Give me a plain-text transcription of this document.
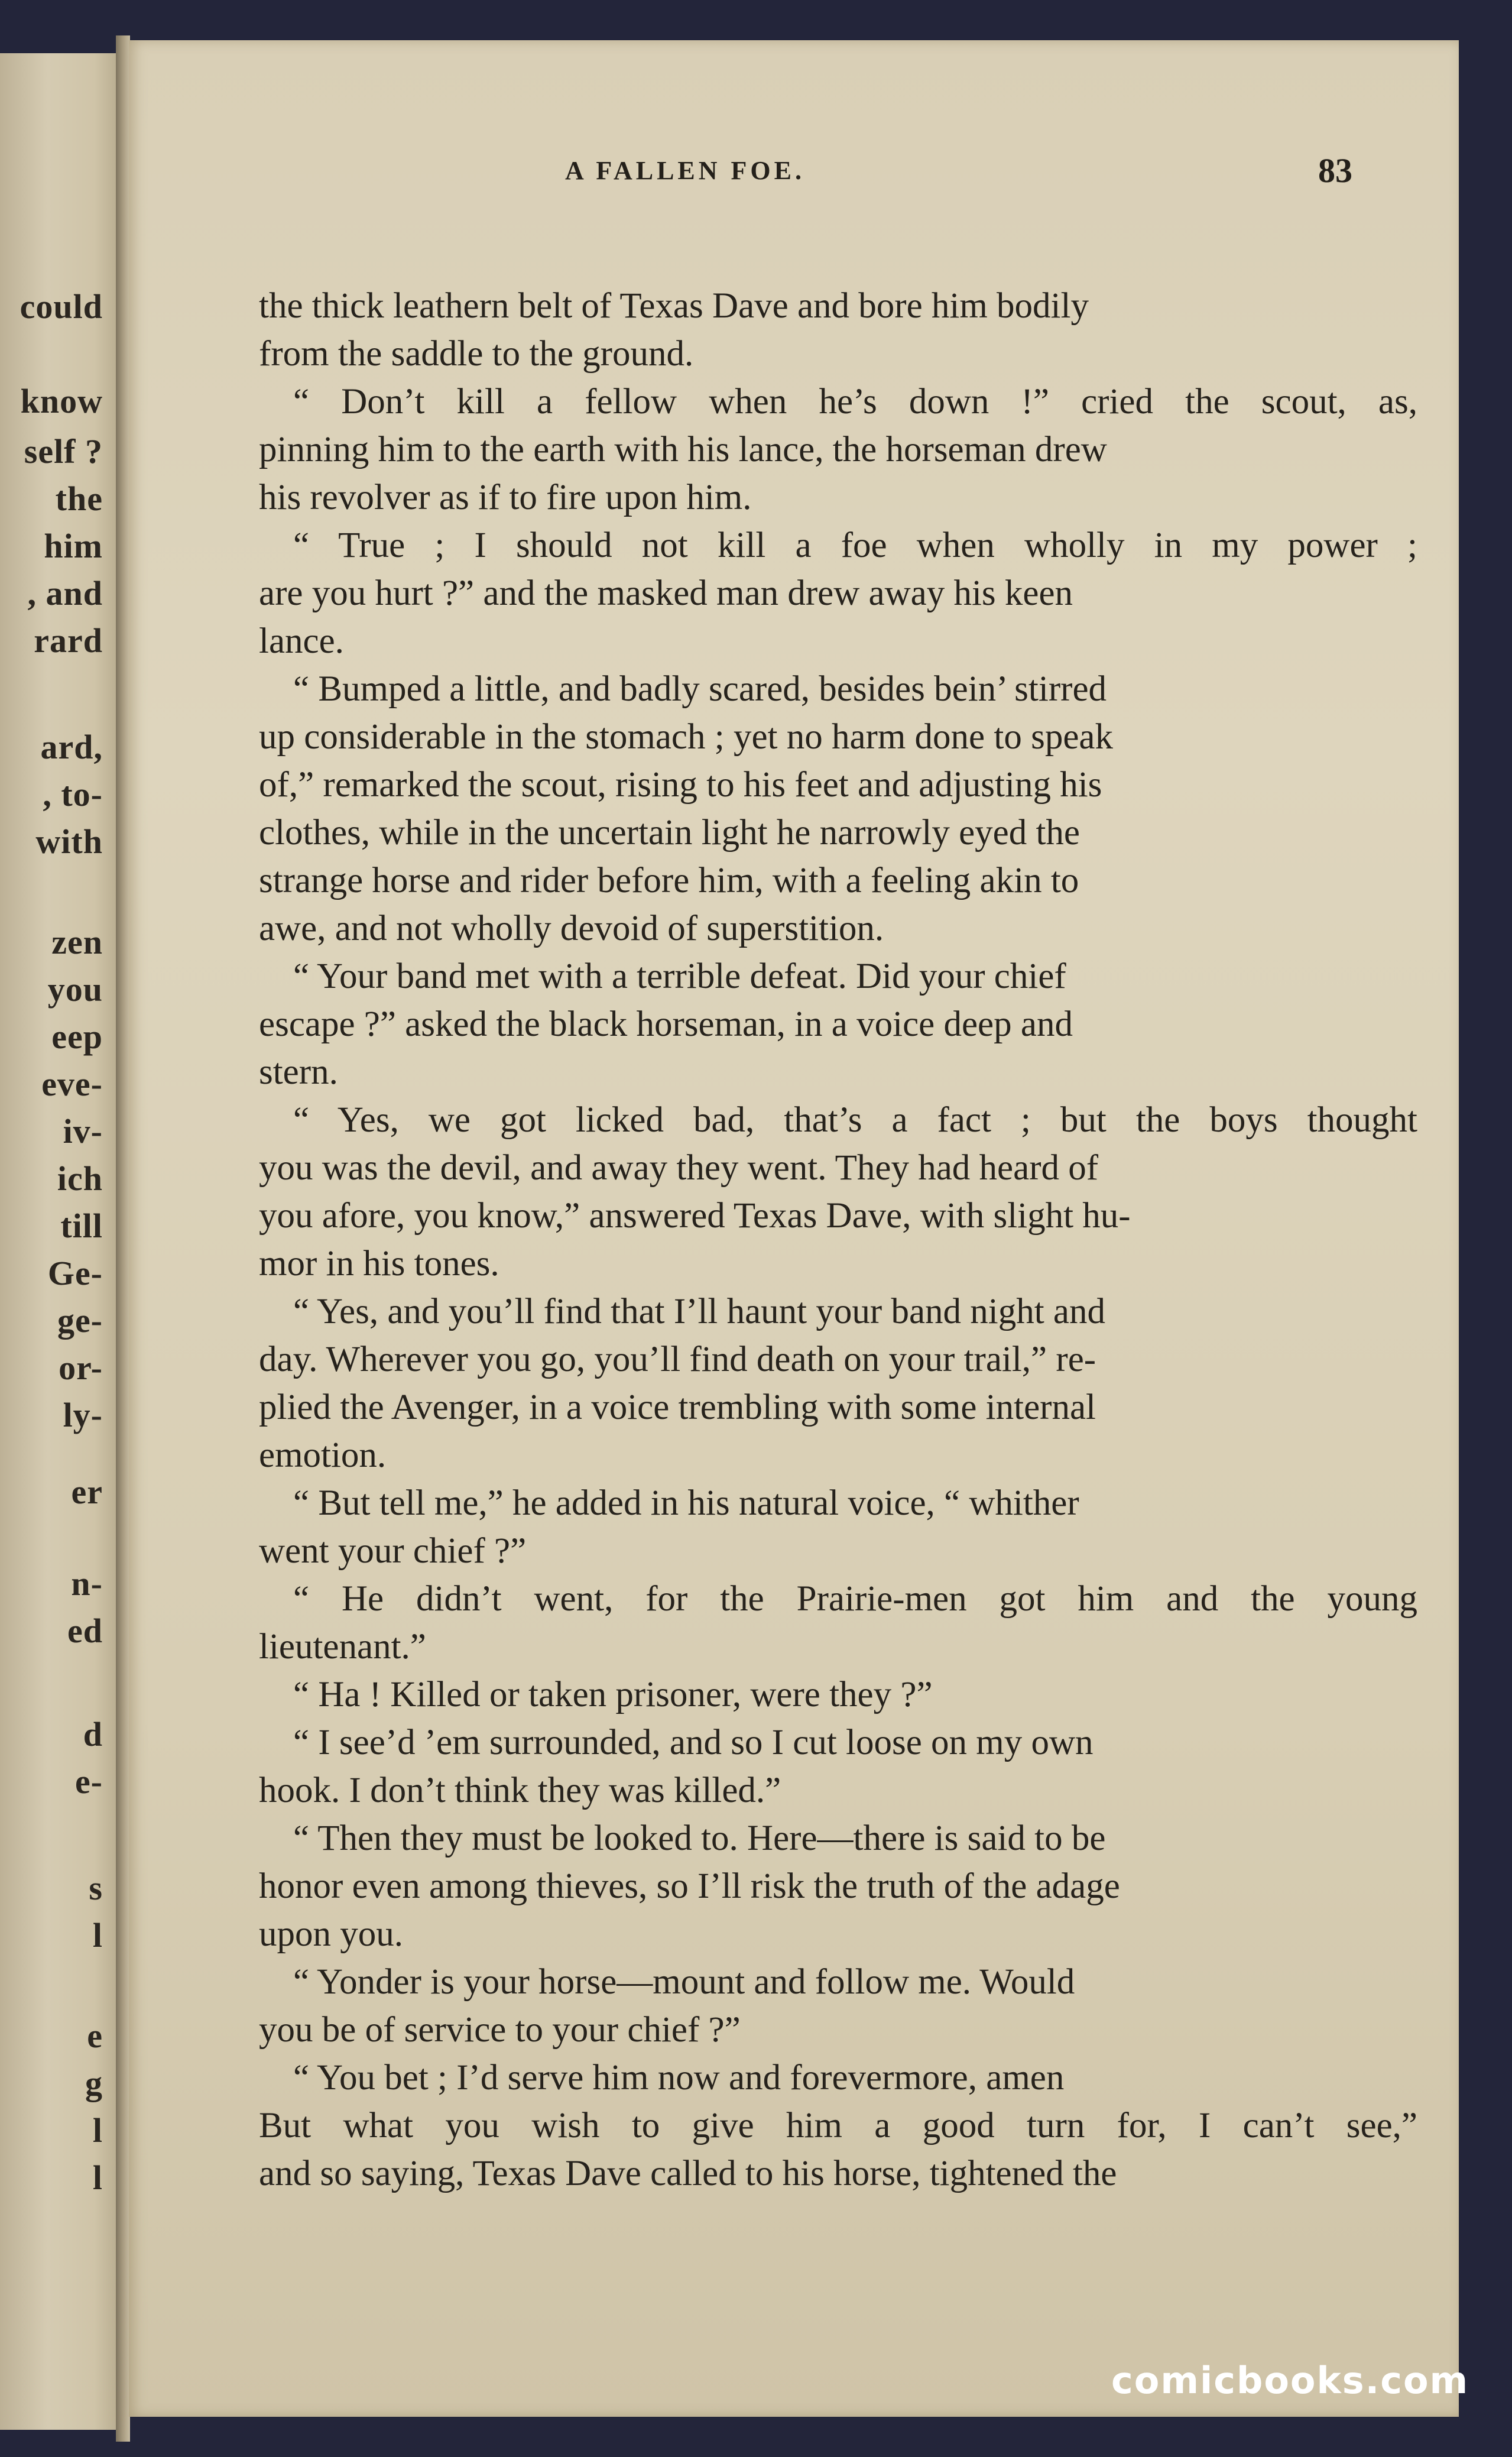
could
know
self ?
the
him
, and
rard
ard,
, to-
with
zen
you
eep
eve-
iv-
ich
till
Ge-
ge-
or-
ly-
er
n-
ed
d
e-
s
l
e
g
l
l
A FALLEN FOE.	83
the thick leathern belt of Texas Dave and bore him bodily
from the saddle to the ground.
“ Don’t kill a fellow when he’s down !” cried the scout, as,
pinning him to the earth with his lance, the horseman drew
his revolver as if to fire upon him.
“ True ; I should not kill a foe when wholly in my power ;
are you hurt ?” and the masked man drew away his keen
lance.
“ Bumped a little, and badly scared, besides bein’ stirred
up considerable in the stomach ; yet no harm done to speak
of,” remarked the scout, rising to his feet and adjusting his
clothes, while in the uncertain light he narrowly eyed the
strange horse and rider before him, with a feeling akin to
awe, and not wholly devoid of superstition.
“ Your band met with a terrible defeat. Did your chief
escape ?” asked the black horseman, in a voice deep and
stern.
“ Yes, we got licked bad, that’s a fact ; but the boys thought
you was the devil, and away they went. They had heard of
you afore, you know,” answered Texas Dave, with slight hu-
mor in his tones.
“ Yes, and you’ll find that I’ll haunt your band night and
day. Wherever you go, you’ll find death on your trail,” re-
plied the Avenger, in a voice trembling with some internal
emotion.
“ But tell me,” he added in his natural voice, “ whither
went your chief ?”
“ He didn’t went, for the Prairie-men got him and the young
lieutenant.”
“ Ha ! Killed or taken prisoner, were they ?”
“ I see’d ’em surrounded, and so I cut loose on my own
hook. I don’t think they was killed.”
“ Then they must be looked to. Here—there is said to be
honor even among thieves, so I’ll risk the truth of the adage
upon you.
“ Yonder is your horse—mount and follow me. Would
you be of service to your chief ?”
“ You bet ; I’d serve him now and forevermore, amen
But what you wish to give him a good turn for, I can’t see,”
and so saying, Texas Dave called to his horse, tightened the
comicbooks.com
